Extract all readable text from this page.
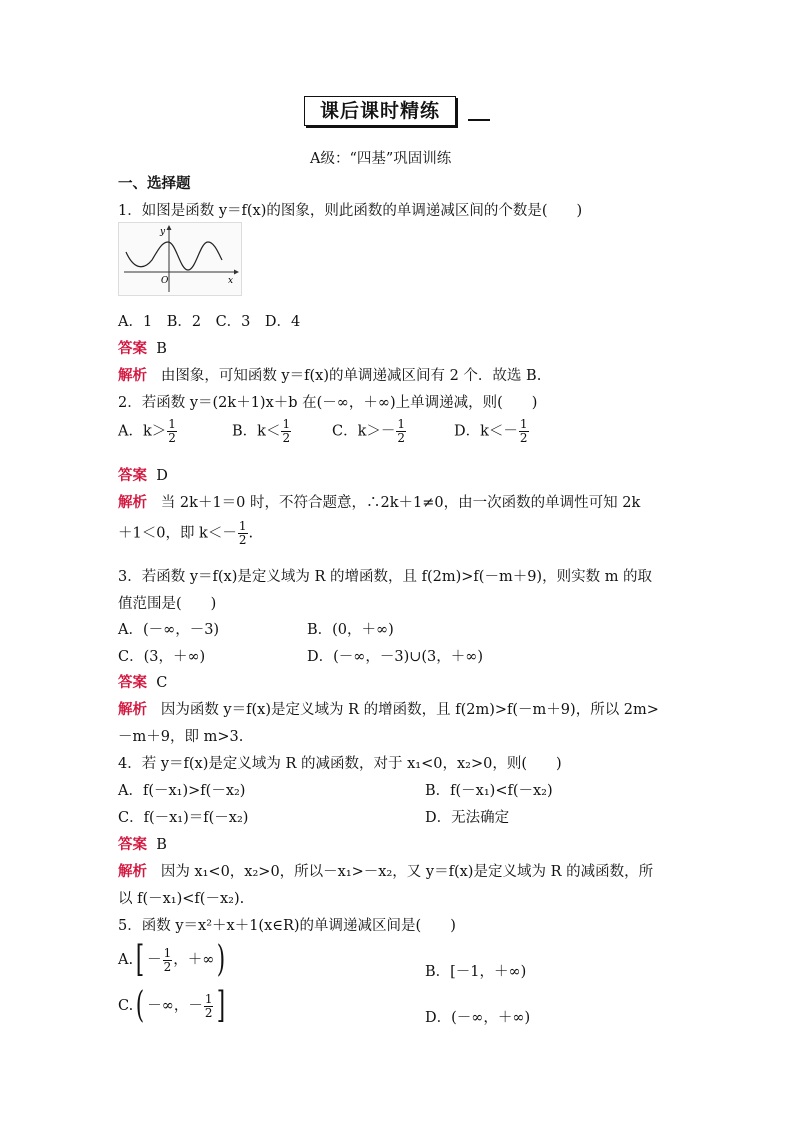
课后课时精练
A级：“四基”巩固训练
一、选择题
1．如图是函数 y＝f(x)的图象，则此函数的单调递减区间的个数是(　　)
y
O	x
A．1　B．2　C．3　D．4
答案 B
解析 由图象，可知函数 y＝f(x)的单调递减区间有 2 个．故选 B.
2．若函数 y＝(2k＋1)x＋b 在(－∞，＋∞)上单调递减，则(　　)
A．$k> \frac{1}{2}$	B．$k< \frac{1}{2}$	C．$k>- \frac{1}{2}$	D．$k<- \frac{1}{2}$
答案 D
解析 当 2k＋1＝0 时，不符合题意，∴2k＋1≠0，由一次函数的单调性可知 2k
＋1＜0，即 $k<- \frac{1}{2}$ .
3．若函数 y＝f(x)是定义域为 R 的增函数，且 f(2m)>f(－m＋9)，则实数 m 的取
值范围是(　　)
A．(－∞，－3)	B．(0，＋∞)
C．(3，＋∞)	D．(－∞，－3)∪(3，＋∞)
答案 C
解析 因为函数 y＝f(x)是定义域为 R 的增函数，且 f(2m)>f(－m＋9)，所以 2m>
－m＋9，即 m>3.
4．若 y＝f(x)是定义域为 R 的减函数，对于 x₁<0，x₂>0，则(　　)
A．f(－x₁)>f(－x₂)	B．f(－x₁)<f(－x₂)
C．f(－x₁)＝f(－x₂)	D．无法确定
答案 B
解析 因为 x₁<0，x₂>0，所以－x₁>－x₂，又 y＝f(x)是定义域为 R 的减函数，所
以 f(－x₁)<f(－x₂).
5．函数 y＝x²＋x＋1(x∈R)的单调递减区间是(　　)
$A.[ - \frac{1}{2}$ ，＋∞)	B．[－1，＋∞)
C.( －∞，－ $\frac{1}{2}$ ]	D．(－∞，＋∞)
